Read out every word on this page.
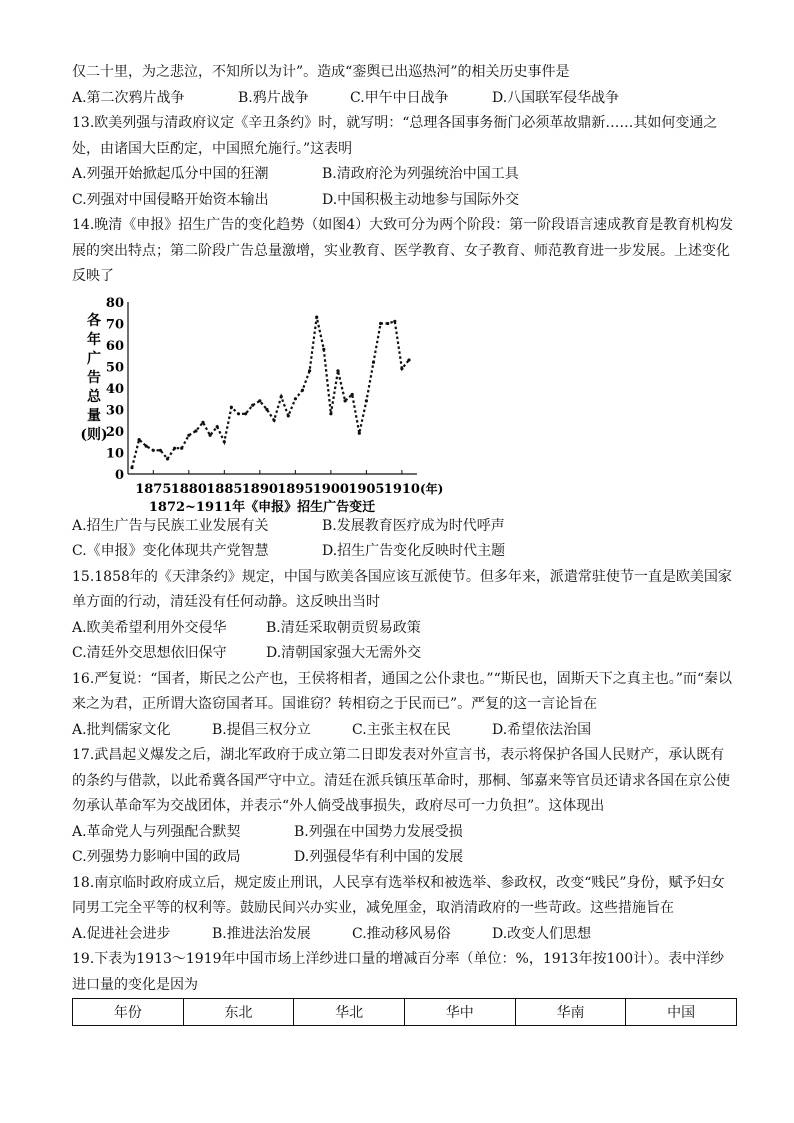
仅二十里，为之悲泣，不知所以为计”。造成“銮舆已出巡热河”的相关历史事件是

A.第二次鸦片战争	B.鸦片战争	C.甲午中日战争	D.八国联军侵华战争

13.欧美列强与清政府议定《辛丑条约》时，就写明：“总理各国事务衙门必须革故鼎新……其如何变通之处，由诸国大臣酌定，中国照允施行。”这表明

A.列强开始掀起瓜分中国的狂潮	B.清政府沦为列强统治中国工具
C.列强对中国侵略开始资本输出	D.中国积极主动地参与国际外交

14.晚清《申报》招生广告的变化趋势（如图4）大致可分为两个阶段：第一阶段语言速成教育是教育机构发展的突出特点；第二阶段广告总量激增，实业教育、医学教育、女子教育、师范教育进一步发展。上述变化反映了

各年广告总量(则)
0
10
20
30
40
50
60
70
80
1875 1880 1885 1890 1895 1900 1905 1910 (年)
1872~1911年《申报》招生广告变迁
A.招生广告与民族工业发展有关	B.发展教育医疗成为时代呼声
C.《申报》变化体现共产党智慧	D.招生广告变化反映时代主题

15.1858年的《天津条约》规定，中国与欧美各国应该互派使节。但多年来，派遣常驻使节一直是欧美国家单方面的行动，清廷没有任何动静。这反映出当时

A.欧美希望利用外交侵华	B.清廷采取朝贡贸易政策
C.清廷外交思想依旧保守	D.清朝国家强大无需外交

16.严复说：“国者，斯民之公产也，王侯将相者，通国之公仆隶也。”“斯民也，固斯天下之真主也。”而“秦以来之为君，正所谓大盗窃国者耳。国谁窃？转相窃之于民而已”。严复的这一言论旨在

A.批判儒家文化	B.提倡三权分立	C.主张主权在民	D.希望依法治国

17.武昌起义爆发之后，湖北军政府于成立第二日即发表对外宣言书，表示将保护各国人民财产，承认既有的条约与借款，以此希冀各国严守中立。清廷在派兵镇压革命时，那桐、邹嘉来等官员还请求各国在京公使勿承认革命军为交战团体，并表示“外人倘受战事损失，政府尽可一力负担”。这体现出

A.革命党人与列强配合默契	B.列强在中国势力发展受损
C.列强势力影响中国的政局	D.列强侵华有利中国的发展

18.南京临时政府成立后，规定废止刑讯，人民享有选举权和被选举、参政权，改变“贱民”身份，赋予妇女同男工完全平等的权利等。鼓励民间兴办实业，减免厘金，取消清政府的一些苛政。这些措施旨在

A.促进社会进步	B.推进法治发展	C.推动移风易俗	D.改变人们思想

19.下表为1913～1919年中国市场上洋纱进口量的增减百分率（单位：%，1913年按100计）。表中洋纱进口量的变化是因为

年份	东北	华北	华中	华南	中国
